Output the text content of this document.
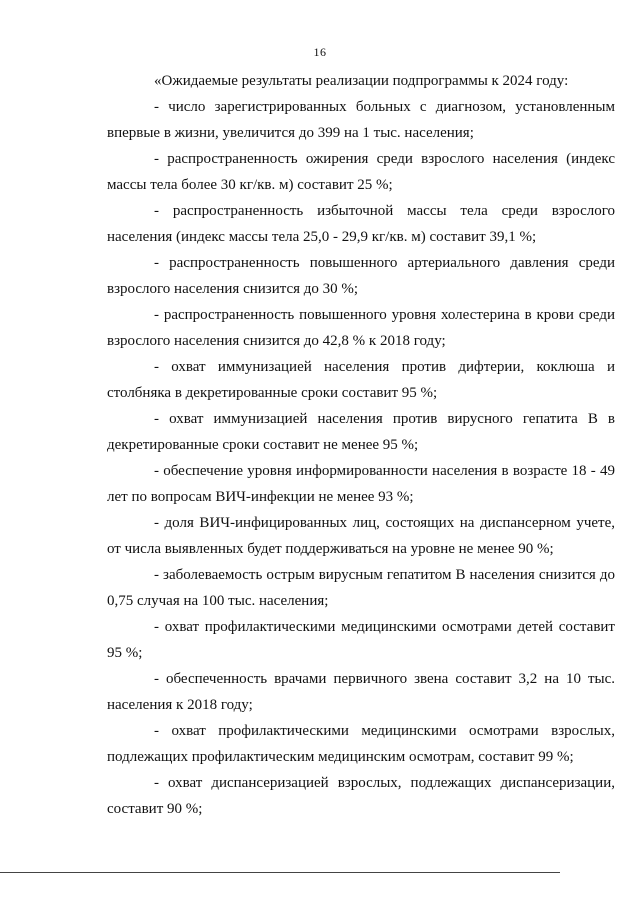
16

«Ожидаемые результаты реализации подпрограммы к 2024 году:

- число зарегистрированных больных с диагнозом, установленным впервые в жизни, увеличится до 399 на 1 тыс. населения;

- распространенность ожирения среди взрослого населения (индекс массы тела более 30 кг/кв. м) составит 25 %;

- распространенность избыточной массы тела среди взрослого населения (индекс массы тела 25,0 - 29,9 кг/кв. м) составит 39,1 %;

- распространенность повышенного артериального давления среди взрослого населения снизится до 30 %;

- распространенность повышенного уровня холестерина в крови среди взрослого населения снизится до 42,8 % к 2018 году;

- охват иммунизацией населения против дифтерии, коклюша и столбняка в декретированные сроки составит 95 %;

- охват иммунизацией населения против вирусного гепатита В в декретированные сроки составит не менее 95 %;

- обеспечение уровня информированности населения в возрасте 18 - 49 лет по вопросам ВИЧ-инфекции не менее 93 %;

- доля ВИЧ-инфицированных лиц, состоящих на диспансерном учете, от числа выявленных будет поддерживаться на уровне не менее 90 %;

- заболеваемость острым вирусным гепатитом В населения снизится до 0,75 случая на 100 тыс. населения;

- охват профилактическими медицинскими осмотрами детей составит 95 %;

- обеспеченность врачами первичного звена составит 3,2 на 10 тыс. населения к 2018 году;

- охват профилактическими медицинскими осмотрами взрослых, подлежащих профилактическим медицинским осмотрам, составит 99 %;

- охват диспансеризацией взрослых, подлежащих диспансеризации, составит 90 %;
